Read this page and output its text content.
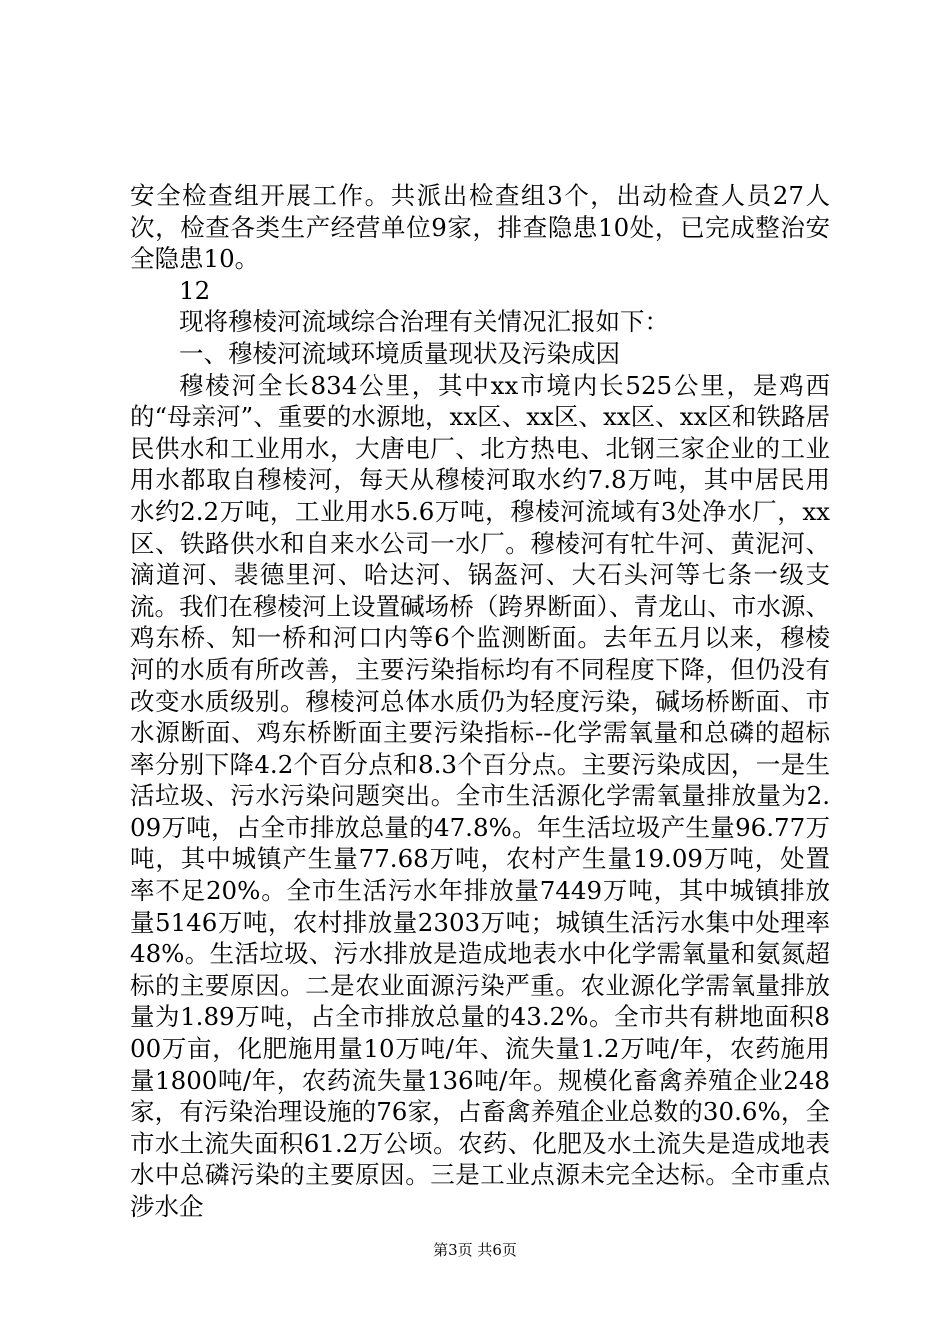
安全检查组开展工作。共派出检查组3个，出动检查人员27人次，检查各类生产经营单位9家，排查隐患10处，已完成整治安全隐患10。

12

现将穆棱河流域综合治理有关情况汇报如下：

一、穆棱河流域环境质量现状及污染成因

穆棱河全长834公里，其中xx市境内长525公里，是鸡西的“母亲河”、重要的水源地，xx区、xx区、xx区、xx区和铁路居民供水和工业用水，大唐电厂、北方热电、北钢三家企业的工业用水都取自穆棱河，每天从穆棱河取水约7.8万吨，其中居民用水约2.2万吨，工业用水5.6万吨，穆棱河流域有3处净水厂，xx区、铁路供水和自来水公司一水厂。穆棱河有牤牛河、黄泥河、滴道河、裴德里河、哈达河、锅盔河、大石头河等七条一级支流。我们在穆棱河上设置碱场桥（跨界断面）、青龙山、市水源、鸡东桥、知一桥和河口内等6个监测断面。去年五月以来，穆棱河的水质有所改善，主要污染指标均有不同程度下降，但仍没有改变水质级别。穆棱河总体水质仍为轻度污染，碱场桥断面、市水源断面、鸡东桥断面主要污染指标--化学需氧量和总磷的超标率分别下降4.2个百分点和8.3个百分点。主要污染成因，一是生活垃圾、污水污染问题突出。全市生活源化学需氧量排放量为2.09万吨，占全市排放总量的47.8%。年生活垃圾产生量96.77万吨，其中城镇产生量77.68万吨，农村产生量19.09万吨，处置率不足20%。全市生活污水年排放量7449万吨，其中城镇排放量5146万吨，农村排放量2303万吨；城镇生活污水集中处理率48%。生活垃圾、污水排放是造成地表水中化学需氧量和氨氮超标的主要原因。二是农业面源污染严重。农业源化学需氧量排放量为1.89万吨，占全市排放总量的43.2%。全市共有耕地面积800万亩，化肥施用量10万吨/年、流失量1.2万吨/年，农药施用量1800吨/年，农药流失量136吨/年。规模化畜禽养殖企业248家，有污染治理设施的76家，占畜禽养殖企业总数的30.6%，全市水土流失面积61.2万公顷。农药、化肥及水土流失是造成地表水中总磷污染的主要原因。三是工业点源未完全达标。全市重点涉水企

第3页 共6页
